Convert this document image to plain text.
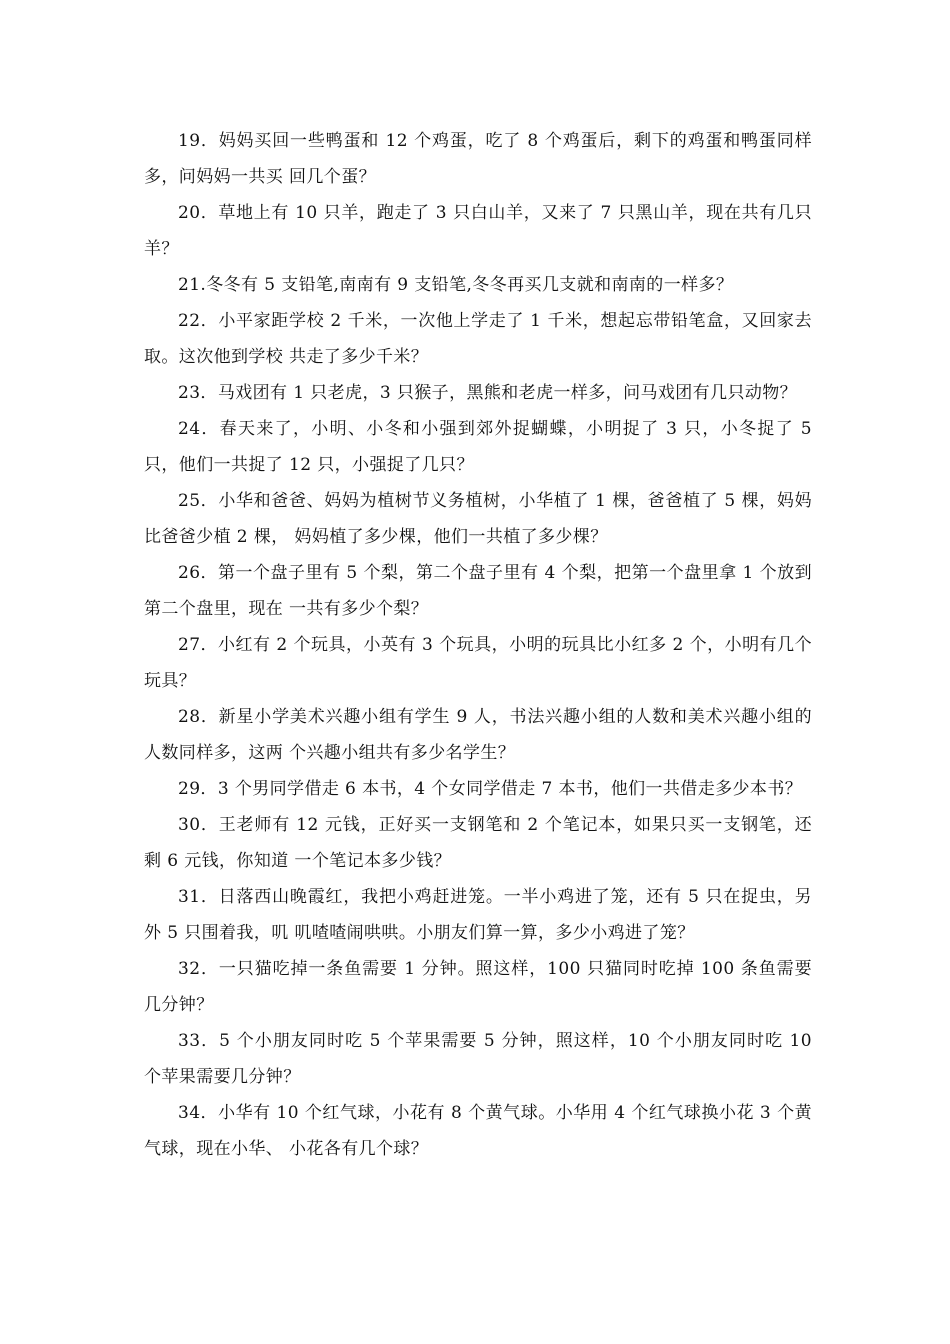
19．妈妈买回一些鸭蛋和 12 个鸡蛋，吃了 8 个鸡蛋后，剩下的鸡蛋和鸭蛋同样多，问妈妈一共买 回几个蛋？

20．草地上有 10 只羊，跑走了 3 只白山羊，又来了 7 只黑山羊，现在共有几只羊？

21.冬冬有 5 支铅笔,南南有 9 支铅笔,冬冬再买几支就和南南的一样多？

22．小平家距学校 2 千米，一次他上学走了 1 千米，想起忘带铅笔盒，又回家去取。这次他到学校 共走了多少千米？

23．马戏团有 1 只老虎，3 只猴子，黑熊和老虎一样多，问马戏团有几只动物？

24．春天来了，小明、小冬和小强到郊外捉蝴蝶，小明捉了 3 只，小冬捉了 5 只，他们一共捉了 12 只，小强捉了几只？

25．小华和爸爸、妈妈为植树节义务植树，小华植了 1 棵，爸爸植了 5 棵，妈妈比爸爸少植 2 棵， 妈妈植了多少棵，他们一共植了多少棵？

26．第一个盘子里有 5 个梨，第二个盘子里有 4 个梨，把第一个盘里拿 1 个放到第二个盘里，现在 一共有多少个梨？

27．小红有 2 个玩具，小英有 3 个玩具，小明的玩具比小红多 2 个，小明有几个玩具？

28．新星小学美术兴趣小组有学生 9 人，书法兴趣小组的人数和美术兴趣小组的人数同样多，这两 个兴趣小组共有多少名学生？

29．3 个男同学借走 6 本书，4 个女同学借走 7 本书，他们一共借走多少本书？

30．王老师有 12 元钱，正好买一支钢笔和 2 个笔记本，如果只买一支钢笔，还剩 6 元钱，你知道 一个笔记本多少钱？

31．日落西山晚霞红，我把小鸡赶进笼。一半小鸡进了笼，还有 5 只在捉虫，另外 5 只围着我，叽 叽喳喳闹哄哄。小朋友们算一算，多少小鸡进了笼？

32．一只猫吃掉一条鱼需要 1 分钟。照这样，100 只猫同时吃掉 100 条鱼需要几分钟？

33．5 个小朋友同时吃 5 个苹果需要 5 分钟，照这样，10 个小朋友同时吃 10 个苹果需要几分钟？

34．小华有 10 个红气球，小花有 8 个黄气球。小华用 4 个红气球换小花 3 个黄气球，现在小华、 小花各有几个球？
